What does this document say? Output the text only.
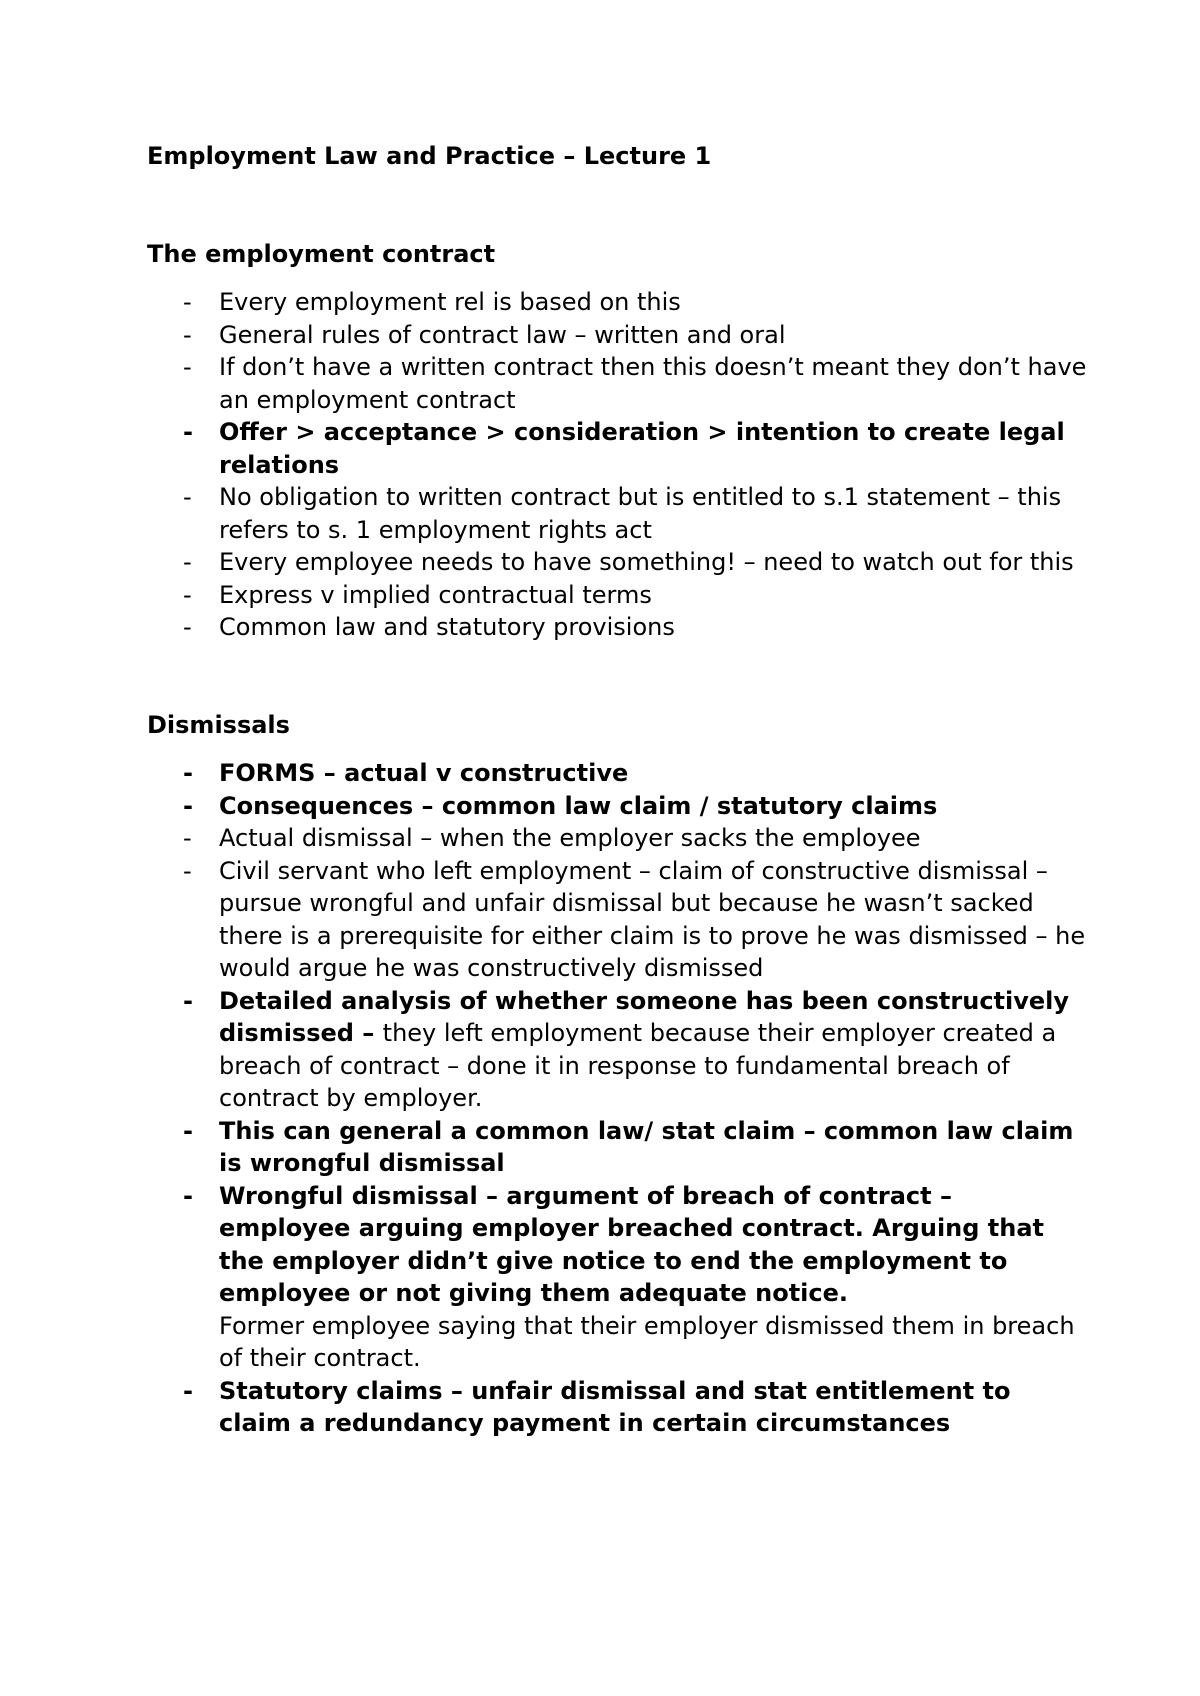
Employment Law and Practice – Lecture 1

The employment contract

- Every employment rel is based on this
- General rules of contract law – written and oral
- If don’t have a written contract then this doesn’t meant they don’t have an employment contract
- Offer > acceptance > consideration > intention to create legal relations
- No obligation to written contract but is entitled to s.1 statement – this refers to s. 1 employment rights act
- Every employee needs to have something! – need to watch out for this
- Express v implied contractual terms
- Common law and statutory provisions

Dismissals

- FORMS – actual v constructive
- Consequences – common law claim / statutory claims
- Actual dismissal – when the employer sacks the employee
- Civil servant who left employment – claim of constructive dismissal – pursue wrongful and unfair dismissal but because he wasn’t sacked there is a prerequisite for either claim is to prove he was dismissed – he would argue he was constructively dismissed
- Detailed analysis of whether someone has been constructively dismissed – they left employment because their employer created a breach of contract – done it in response to fundamental breach of contract by employer.
- This can general a common law/ stat claim – common law claim is wrongful dismissal
- Wrongful dismissal – argument of breach of contract – employee arguing employer breached contract. Arguing that the employer didn’t give notice to end the employment to employee or not giving them adequate notice.
Former employee saying that their employer dismissed them in breach of their contract.
- Statutory claims – unfair dismissal and stat entitlement to claim a redundancy payment in certain circumstances
